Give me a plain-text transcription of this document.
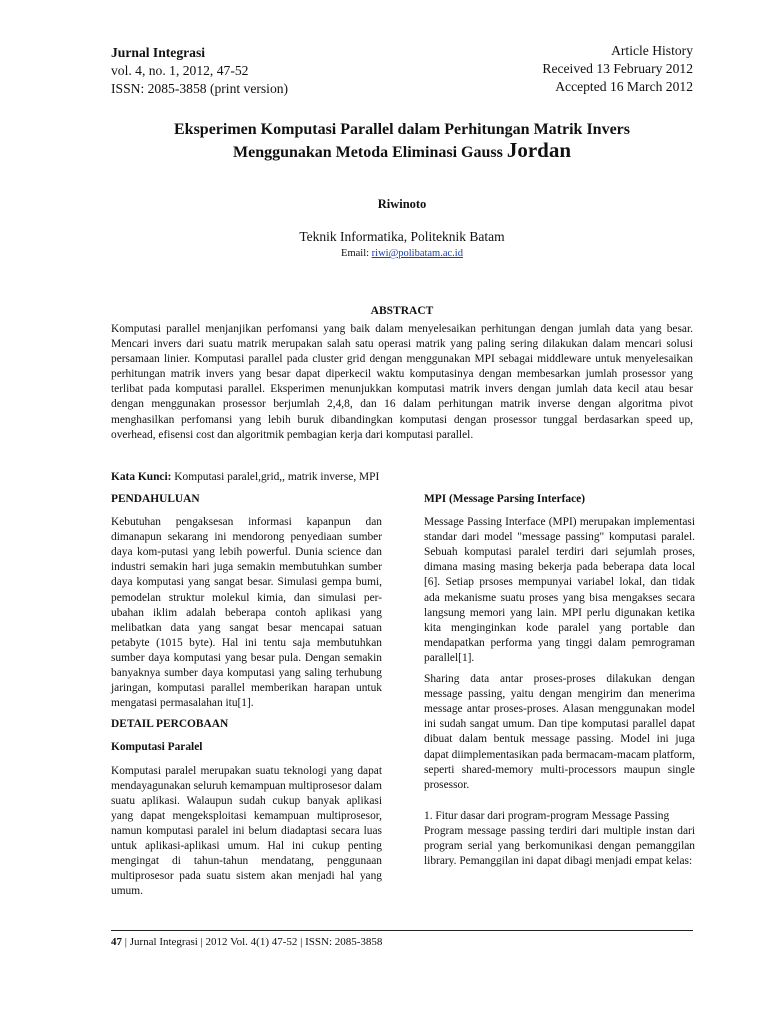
Jurnal Integrasi
vol. 4, no. 1, 2012, 47-52
ISSN: 2085-3858 (print version)
Article History
Received 13 February 2012
Accepted 16 March 2012
Eksperimen Komputasi Parallel dalam Perhitungan Matrik Invers
Menggunakan Metoda Eliminasi Gauss Jordan
Riwinoto
Teknik Informatika, Politeknik Batam
Email: riwi@polibatam.ac.id
ABSTRACT
Komputasi parallel menjanjikan perfomansi yang baik dalam menyelesaikan perhitungan dengan jumlah data yang besar. Mencari invers dari suatu matrik merupakan salah satu operasi matrik yang paling sering dilakukan dalam mencari solusi persamaan linier. Komputasi parallel pada cluster grid dengan menggunakan MPI sebagai middleware untuk menyelesaikan perhitungan matrik invers yang besar dapat diperkecil waktu komputasinya dengan membesarkan jumlah prosessor yang terlibat pada komputasi parallel. Eksperimen menunjukkan komputasi matrik invers dengan jumlah data kecil atau besar dengan menggunakan prosessor berjumlah 2,4,8, dan 16 dalam perhitungan matrik inverse dengan algoritma pivot menghasilkan perfomansi yang lebih buruk dibandingkan komputasi dengan prosessor tunggal berdasarkan speed up, overhead, efisensi cost dan algoritmik pembagian kerja dari komputasi parallel.
Kata Kunci: Komputasi paralel,grid,, matrik inverse, MPI
PENDAHULUAN

Kebutuhan pengaksesan informasi kapanpun dan dimanapun sekarang ini mendorong penyediaan sumber daya kom-putasi yang lebih powerful. Dunia science dan industri semakin hari juga semakin membutuhkan sumber daya komputasi yang sangat besar. Simulasi gempa bumi, pemodelan struktur molekul kimia, dan simulasi per-ubahan iklim adalah beberapa contoh aplikasi yang melibatkan data yang sangat besar mencapai satuan petabyte (1015 byte). Hal ini tentu saja membutuhkan sumber daya komputasi yang besar pula. Dengan semakin banyaknya sumber daya komputasi yang saling terhubung jaringan, komputasi parallel memberikan harapan untuk mengatasi permasalahan itu[1].

DETAIL PERCOBAAN
Komputasi Paralel

Komputasi paralel merupakan suatu teknologi yang dapat mendayagunakan seluruh kemampuan multiprosesor dalam suatu aplikasi. Walaupun sudah cukup banyak aplikasi yang dapat mengeksploitasi kemampuan multiprosesor, namun komputasi paralel ini belum diadaptasi secara luas untuk aplikasi-aplikasi umum. Hal ini cukup penting mengingat di tahun-tahun mendatang, penggunaan multiprosesor pada suatu sistem akan menjadi hal yang umum.

MPI (Message Parsing Interface)

Message Passing Interface (MPI) merupakan implementasi standar dari model "message passing" komputasi paralel. Sebuah komputasi paralel terdiri dari sejumlah proses, dimana masing masing bekerja pada beberapa data local [6]. Setiap prsoses mempunyai variabel lokal, dan tidak ada mekanisme suatu proses yang bisa mengakses secara langsung memori yang lain. MPI perlu digunakan ketika kita menginginkan kode paralel yang portable dan mendapatkan performa yang tinggi dalam pemrograman parallel[1].

Sharing data antar proses-proses dilakukan dengan message passing, yaitu dengan mengirim dan menerima message antar proses-proses. Alasan menggunakan model ini sudah sangat umum. Dan tipe komputasi parallel dapat dibuat dalam bentuk message passing. Model ini juga dapat diimplementasikan pada bermacam-macam platform, seperti shared-memory multi-processors maupun single prosessor.

1. Fitur dasar dari program-program Message Passing

Program message passing terdiri dari multiple instan dari program serial yang berkomunikasi dengan pemanggilan library. Pemanggilan ini dapat dibagi menjadi empat kelas:

47 | Jurnal Integrasi | 2012 Vol. 4(1) 47-52 | ISSN: 2085-3858
